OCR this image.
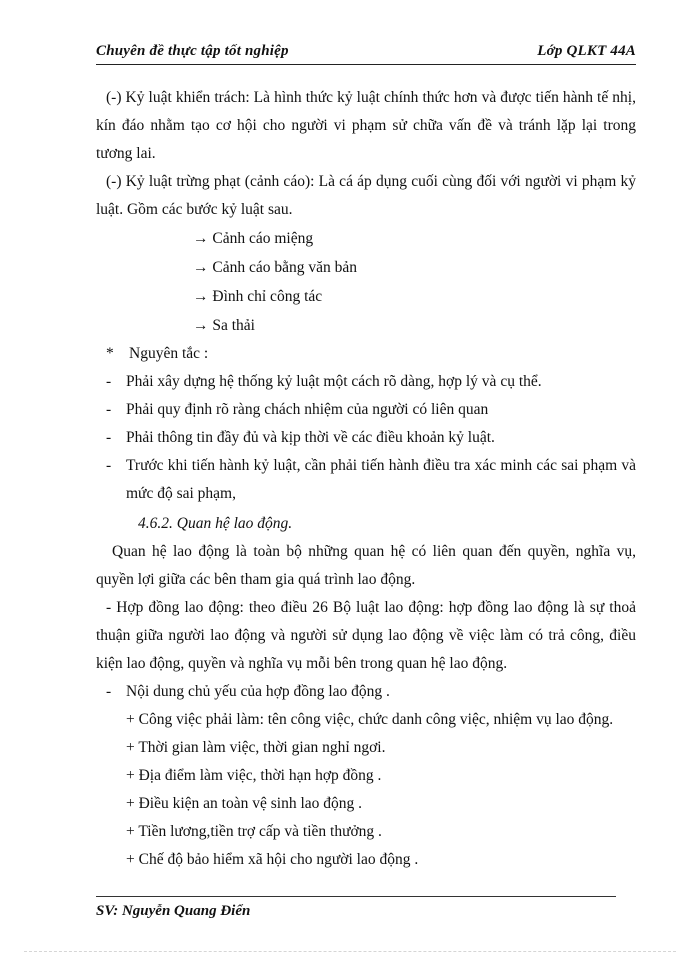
Chuyên đề thực tập tốt nghiệp	Lớp QLKT 44A

(-) Kỷ luật khiển trách: Là hình thức kỷ luật chính thức hơn và được tiến hành tế nhị, kín đáo nhằm tạo cơ hội cho người vi phạm sử chữa vấn đề và tránh lặp lại trong tương lai.

(-) Kỷ luật trừng phạt (cảnh cáo): Là cá áp dụng cuối cùng đối với người vi phạm kỷ luật. Gồm các bước kỷ luật sau.

→ Cảnh cáo miệng

→ Cảnh cáo bằng văn bản

→ Đình chỉ công tác

→ Sa thải

* Nguyên tắc :

- Phải xây dựng hệ thống kỷ luật một cách rõ dàng, hợp lý và cụ thể.

- Phải quy định rõ ràng chách nhiệm của người có liên quan

- Phải thông tin đầy đủ và kịp thời về các điều khoản kỷ luật.

- Trước khi tiến hành kỷ luật, cần phải tiến hành điều tra xác minh các sai phạm và mức độ sai phạm,

4.6.2. Quan hệ lao động.

Quan hệ lao động là toàn bộ những quan hệ có liên quan đến quyền, nghĩa vụ, quyền lợi giữa các bên tham gia quá trình lao động.

- Hợp đồng lao động: theo điều 26 Bộ luật lao động: hợp đồng lao động là sự thoả thuận giữa người lao động và người sử dụng lao động về việc làm có trả công, điều kiện lao động, quyền và nghĩa vụ mỗi bên trong quan hệ lao động.

- Nội dung chủ yếu của hợp đồng lao động .

+ Công việc phải làm: tên công việc, chức danh công việc, nhiệm vụ lao động.

+ Thời gian làm việc, thời gian nghỉ ngơi.

+ Địa điểm làm việc, thời hạn hợp đồng .

+ Điều kiện an toàn vệ sinh lao động .

+ Tiền lương,tiền trợ cấp và tiền thưởng .

+ Chế độ bảo hiểm xã hội cho người lao động .

SV: Nguyễn Quang Điển
